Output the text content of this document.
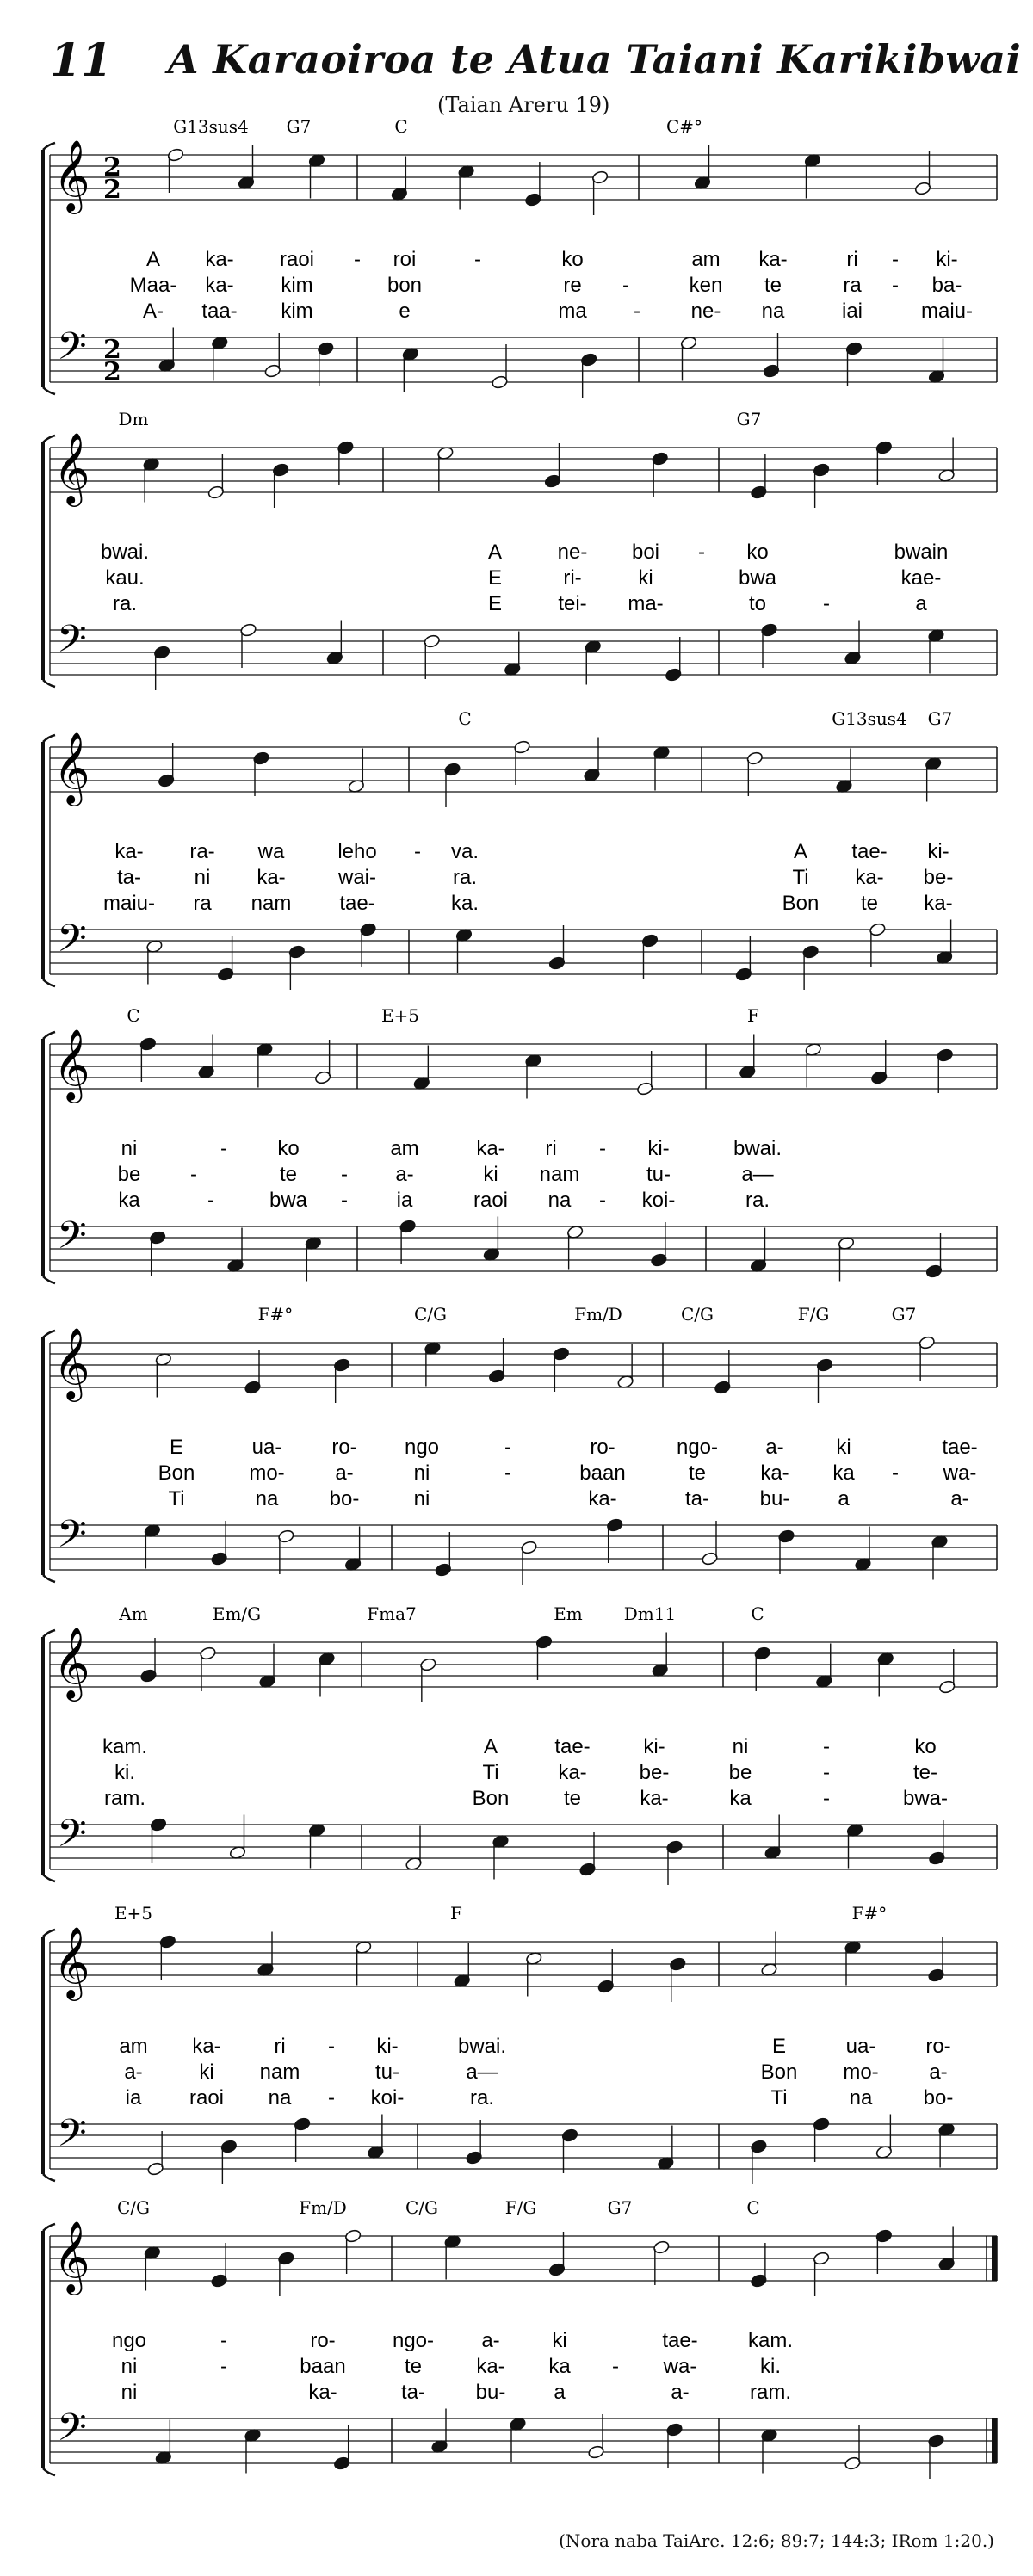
11 A Karaoiroa te Atua Taiani Karikibwai
(Taian Areru 19)
(Nora naba TaiAre. 12:6; 89:7; 144:3; IRom 1:20.)
𝄞
𝄢
2
2
2
2
G13sus4 G7	C	C#°
A ka- raoi - roi	-	ko	am ka-	ri - ki-
Maa- ka- kim	bon	re -	ken te	ra - ba-
A- taa- kim	e	ma - ne- na	iai	maiu-
𝄞
𝄢
Dm	G7
bwai.	A	ne- boi - ko	bwain
kau.	E	ri-	ki	bwa	kae-
ra.	E	tei- ma-	to	-	a
𝄞
𝄢
C	G13sus4 G7
ka- ra- wa	leho - va.	A tae- ki-
ta-	ni ka-	wai-	ra.	Ti ka- be-
maiu- ra nam tae-	ka.	Bon te ka-
𝄞
𝄢
C	E+5	F
ni	- ko	am	ka- ri - ki-	bwai.
be -	te - a-	ki nam	tu-	a—
ka	-	bwa - ia	raoi na - koi-	ra.
𝄞
𝄢
F#°	C/G	Fm/D	C/G	F/G	G7
E	ua- ro- ngo	-	ro-	ngo- a-	ki	tae-
Bon	mo- a-	ni	-	baan	te	ka- ka - wa-
Ti	na bo-	ni	ka-	ta- bu- a	a-
𝄞
𝄢
Am	Em/G	Fma7	Em Dm11	C
kam.	A	tae-	ki-	ni	-	ko
ki.	Ti	ka-	be-	be	-	te-
ram.	Bon	te	ka-	ka	-	bwa-
𝄞
𝄢
E+5	F	F#°
am ka-	ri - ki-	bwai.	E	ua- ro-
a-	ki nam	tu-	a—	Bon mo- a-
ia raoi na - koi-	ra.	Ti	na bo-
𝄞
𝄢
C/G	Fm/D	C/G	F/G	G7	C
ngo	-	ro-	ngo- a-	ki	tae- kam.
ni	-	baan	te	ka- ka - wa-	ki.
ni	ka-	ta- bu- a	a-	ram.
